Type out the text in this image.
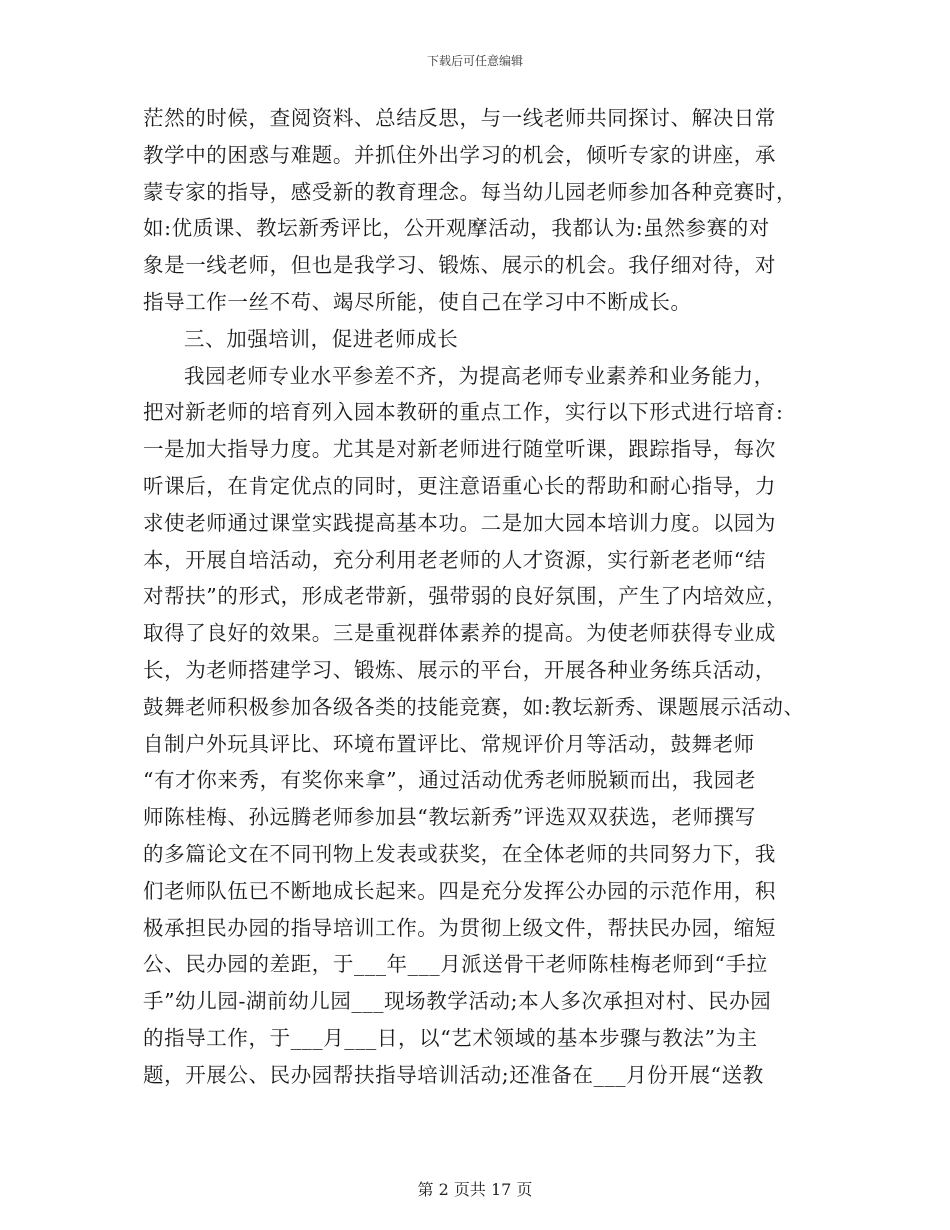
下载后可任意编辑
茫然的时候，查阅资料、总结反思，与一线老师共同探讨、解决日常
教学中的困惑与难题。并抓住外出学习的机会，倾听专家的讲座，承
蒙专家的指导，感受新的教育理念。每当幼儿园老师参加各种竞赛时，
如:优质课、教坛新秀评比，公开观摩活动，我都认为:虽然参赛的对
象是一线老师，但也是我学习、锻炼、展示的机会。我仔细对待，对
指导工作一丝不苟、竭尽所能，使自己在学习中不断成长。
三、加强培训，促进老师成长
我园老师专业水平参差不齐，为提高老师专业素养和业务能力，
把对新老师的培育列入园本教研的重点工作，实行以下形式进行培育:
一是加大指导力度。尤其是对新老师进行随堂听课，跟踪指导，每次
听课后，在肯定优点的同时，更注意语重心长的帮助和耐心指导，力
求使老师通过课堂实践提高基本功。二是加大园本培训力度。以园为
本，开展自培活动，充分利用老老师的人才资源，实行新老老师“结
对帮扶”的形式，形成老带新，强带弱的良好氛围，产生了内培效应，
取得了良好的效果。三是重视群体素养的提高。为使老师获得专业成
长，为老师搭建学习、锻炼、展示的平台，开展各种业务练兵活动，
鼓舞老师积极参加各级各类的技能竞赛，如:教坛新秀、课题展示活动、
自制户外玩具评比、环境布置评比、常规评价月等活动，鼓舞老师
“有才你来秀，有奖你来拿”，通过活动优秀老师脱颖而出，我园老
师陈桂梅、孙远腾老师参加县“教坛新秀”评选双双获选，老师撰写
的多篇论文在不同刊物上发表或获奖，在全体老师的共同努力下，我
们老师队伍已不断地成长起来。四是充分发挥公办园的示范作用，积
极承担民办园的指导培训工作。为贯彻上级文件，帮扶民办园，缩短
公、民办园的差距，于___年___月派送骨干老师陈桂梅老师到“手拉
手”幼儿园-湖前幼儿园___现场教学活动;本人多次承担对村、民办园
的指导工作，于___月___日，以“艺术领域的基本步骤与教法”为主
题，开展公、民办园帮扶指导培训活动;还准备在___月份开展“送教
第 2 页共 17 页
